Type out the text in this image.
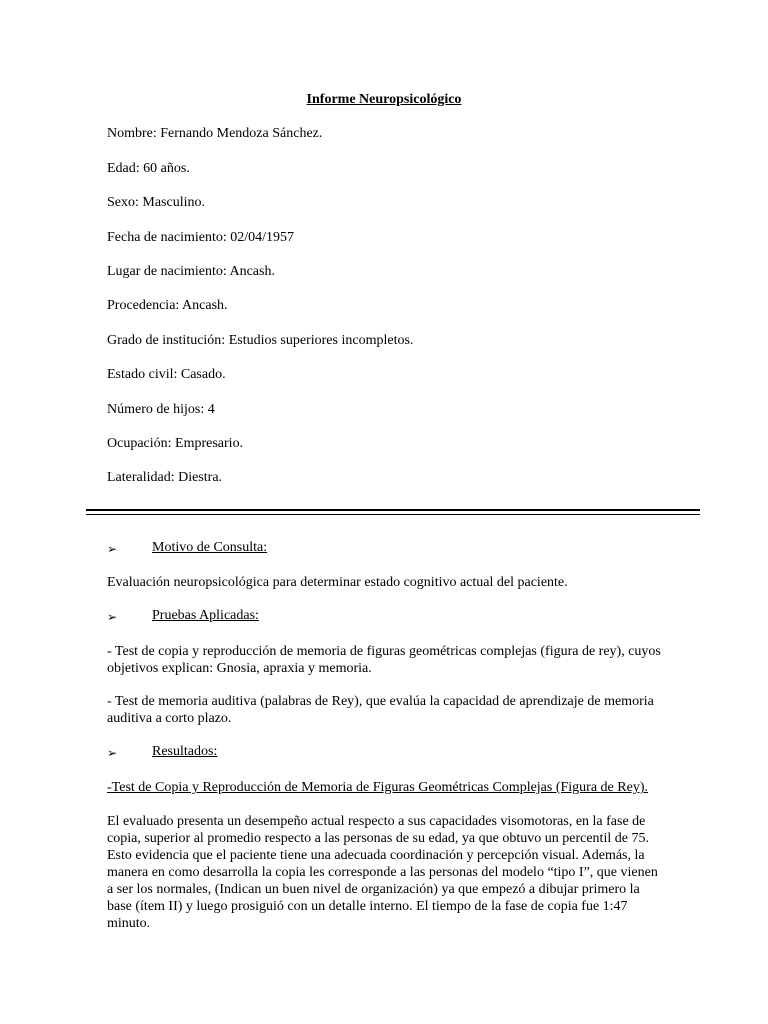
Informe Neuropsicológico
Nombre: Fernando Mendoza Sánchez.
Edad: 60 años.
Sexo: Masculino.
Fecha de nacimiento: 02/04/1957
Lugar de nacimiento: Ancash.
Procedencia: Ancash.
Grado de institución: Estudios superiores incompletos.
Estado civil: Casado.
Número de hijos: 4
Ocupación: Empresario.
Lateralidad: Diestra.
➢ Motivo de Consulta:
Evaluación neuropsicológica para determinar estado cognitivo actual del paciente.
➢ Pruebas Aplicadas:
- Test de copia y reproducción de memoria de figuras geométricas complejas (figura de rey), cuyos objetivos explican: Gnosia, apraxia y memoria.
- Test de memoria auditiva (palabras de Rey), que evalúa la capacidad de aprendizaje de memoria auditiva a corto plazo.
➢ Resultados:
-Test de Copia y Reproducción de Memoria de Figuras Geométricas Complejas (Figura de Rey).
El evaluado presenta un desempeño actual respecto a sus capacidades visomotoras, en la fase de copia, superior al promedio respecto a las personas de su edad, ya que obtuvo un percentil de 75. Esto evidencia que el paciente tiene una adecuada coordinación y percepción visual. Además, la manera en como desarrolla la copia les corresponde a las personas del modelo “tipo I”, que vienen a ser los normales, (Indican un buen nivel de organización) ya que empezó a dibujar primero la base (ítem II) y luego prosiguió con un detalle interno. El tiempo de la fase de copia fue 1:47 minuto.
